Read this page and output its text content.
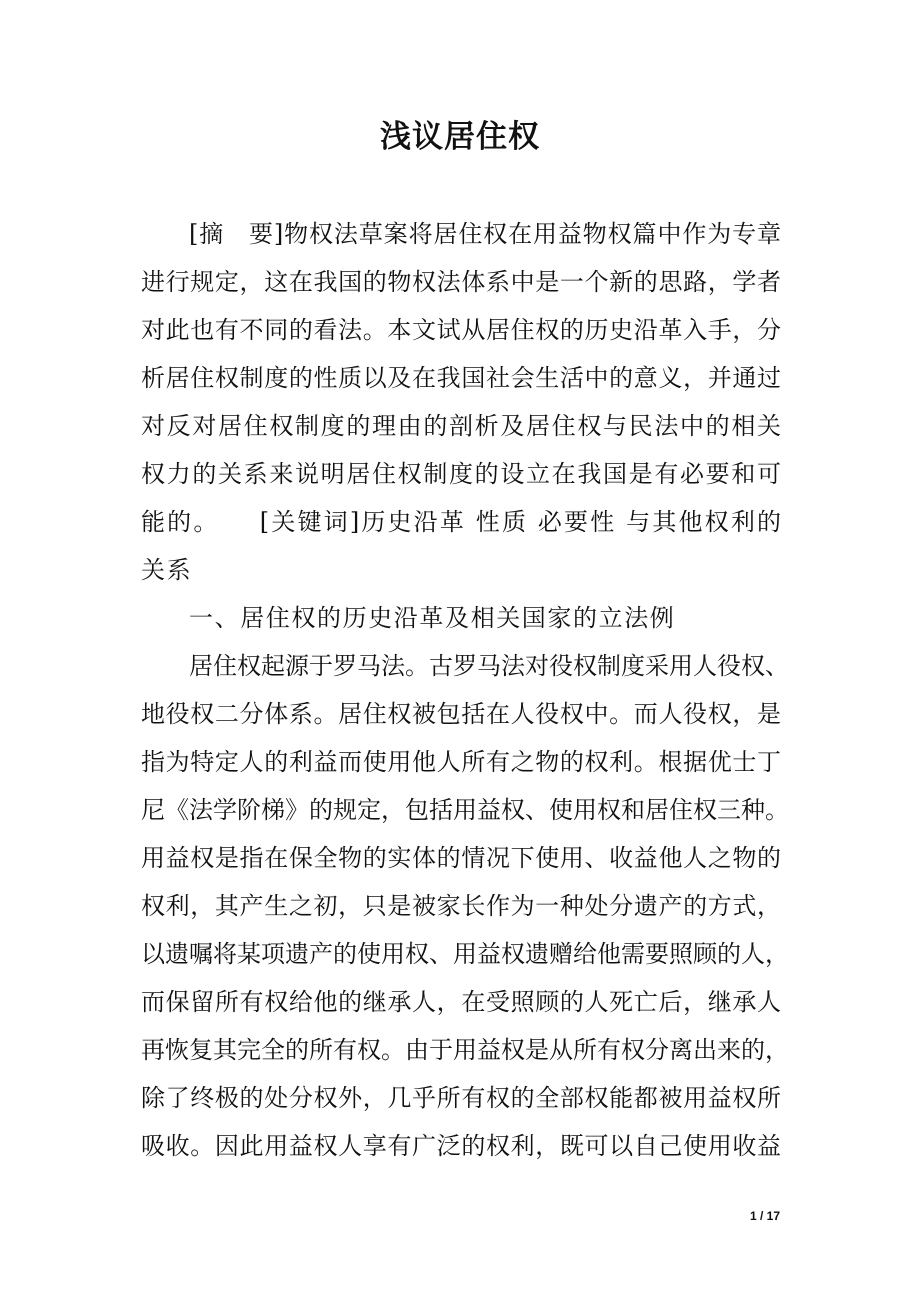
浅议居住权
[摘　要]物权法草案将居住权在用益物权篇中作为专章
进行规定，这在我国的物权法体系中是一个新的思路，学者
对此也有不同的看法。本文试从居住权的历史沿革入手，分
析居住权制度的性质以及在我国社会生活中的意义，并通过
对反对居住权制度的理由的剖析及居住权与民法中的相关
权力的关系来说明居住权制度的设立在我国是有必要和可
能的。　　[关键词]历史沿革 性质 必要性 与其他权利的
关系
一、居住权的历史沿革及相关国家的立法例
居住权起源于罗马法。古罗马法对役权制度采用人役权、
地役权二分体系。居住权被包括在人役权中。而人役权，是
指为特定人的利益而使用他人所有之物的权利。根据优士丁
尼《法学阶梯》的规定，包括用益权、使用权和居住权三种。
用益权是指在保全物的实体的情况下使用、收益他人之物的
权利，其产生之初，只是被家长作为一种处分遗产的方式，
以遗嘱将某项遗产的使用权、用益权遗赠给他需要照顾的人，
而保留所有权给他的继承人，在受照顾的人死亡后，继承人
再恢复其完全的所有权。由于用益权是从所有权分离出来的，
除了终极的处分权外，几乎所有权的全部权能都被用益权所
吸收。因此用益权人享有广泛的权利，既可以自己使用收益
1 / 17
